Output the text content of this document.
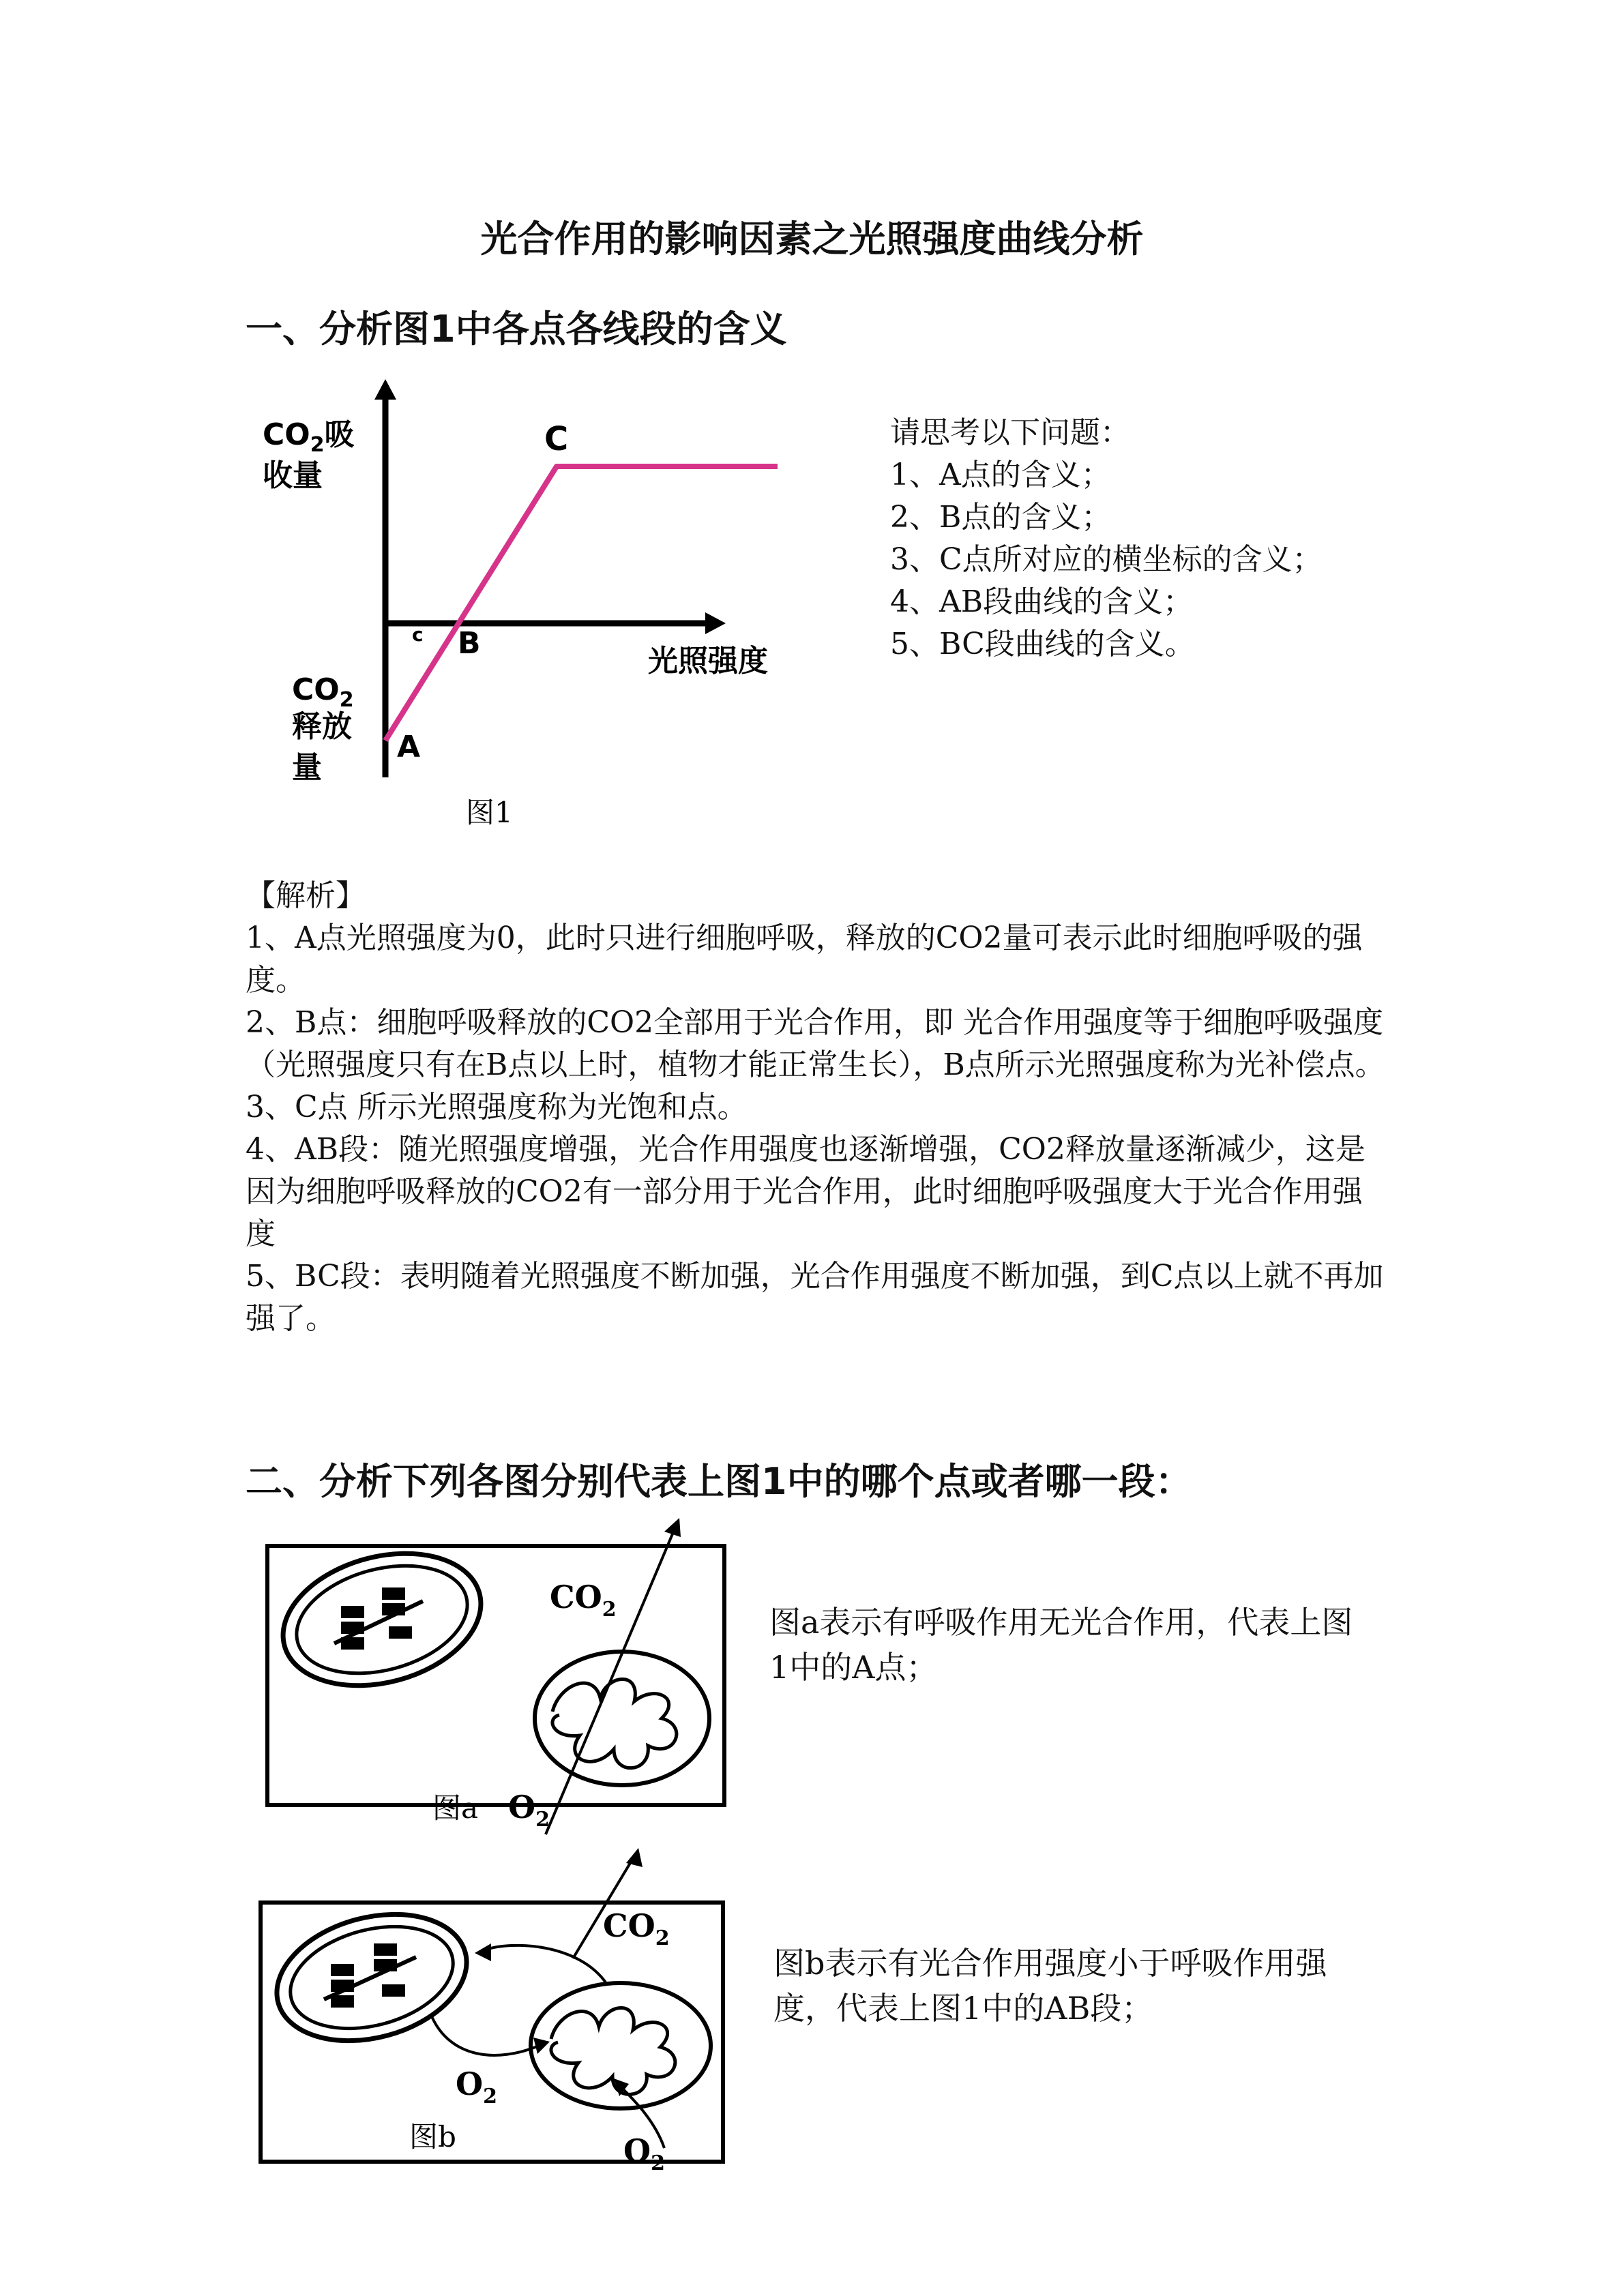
光合作用的影响因素之光照强度曲线分析
一、分析图1中各点各线段的含义
$CO_2$吸
收量
$CO_2$
释放
量
光照强度
A
B
C
c
图1

请思考以下问题：

1、A点的含义；

2、B点的含义；

3、C点所对应的横坐标的含义；

4、AB段曲线的含义；

5、BC段曲线的含义。

【解析】

1、A点光照强度为0，此时只进行细胞呼吸，释放的CO2量可表示此时细胞呼吸的强度。

2、B点：细胞呼吸释放的CO2全部用于光合作用，即 光合作用强度等于细胞呼吸强度（光照强度只有在B点以上时，植物才能正常生长），B点所示光照强度称为光补偿点。

3、C点 所示光照强度称为光饱和点。

4、AB段：随光照强度增强，光合作用强度也逐渐增强，CO2释放量逐渐减少，这是因为细胞呼吸释放的CO2有一部分用于光合作用，此时细胞呼吸强度大于光合作用强度

5、BC段：表明随着光照强度不断加强，光合作用强度不断加强，到C点以上就不再加强了。

二、分析下列各图分别代表上图1中的哪个点或者哪一段：
$CO_2$
$O_2$
图a
图a表示有呼吸作用无光合作用，代表上图1中的A点；
$CO_2$
$O_2$
$O_2$
图b
图b表示有光合作用强度小于呼吸作用强度，代表上图1中的AB段；
